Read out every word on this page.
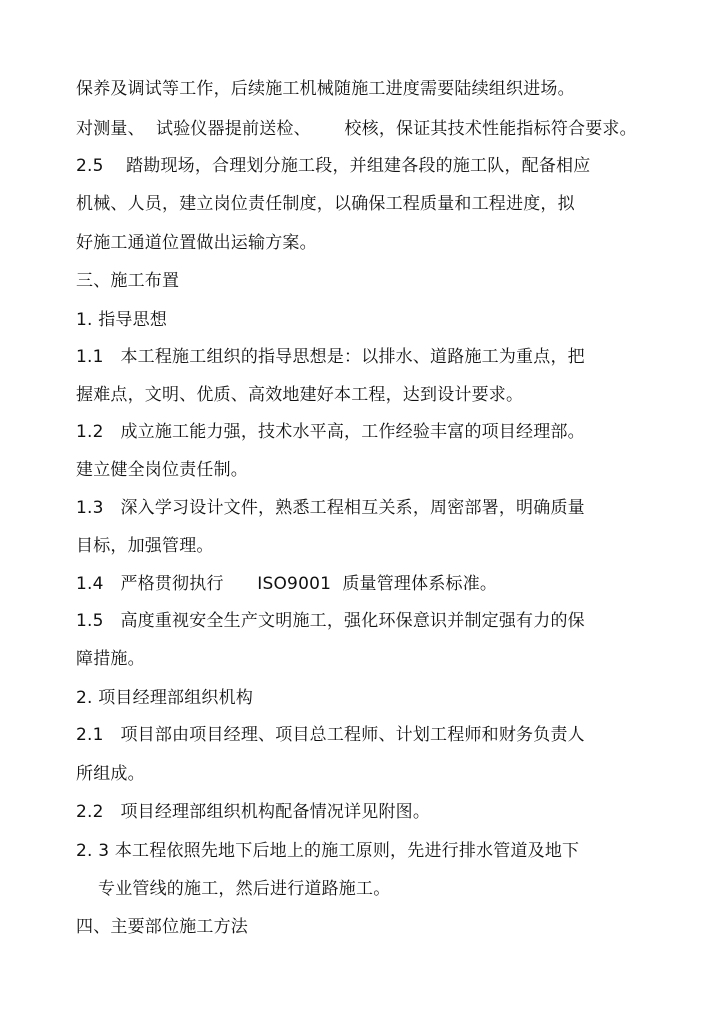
保养及调试等工作，后续施工机械随施工进度需要陆续组织进场。
对测量、  试验仪器提前送检、      校核，保证其技术性能指标符合要求。
2.5    踏勘现场，合理划分施工段，并组建各段的施工队，配备相应
机械、人员，建立岗位责任制度，以确保工程质量和工程进度，拟
好施工通道位置做出运输方案。
三、施工布置
1. 指导思想
1.1   本工程施工组织的指导思想是：以排水、道路施工为重点，把
握难点，文明、优质、高效地建好本工程，达到设计要求。
1.2   成立施工能力强，技术水平高，工作经验丰富的项目经理部。
建立健全岗位责任制。
1.3   深入学习设计文件，熟悉工程相互关系，周密部署，明确质量
目标，加强管理。
1.4   严格贯彻执行      ISO9001  质量管理体系标准。
1.5   高度重视安全生产文明施工，强化环保意识并制定强有力的保
障措施。
2. 项目经理部组织机构
2.1   项目部由项目经理、项目总工程师、计划工程师和财务负责人
所组成。
2.2   项目经理部组织机构配备情况详见附图。
2. 3 本工程依照先地下后地上的施工原则，先进行排水管道及地下
专业管线的施工，然后进行道路施工。
四、主要部位施工方法
